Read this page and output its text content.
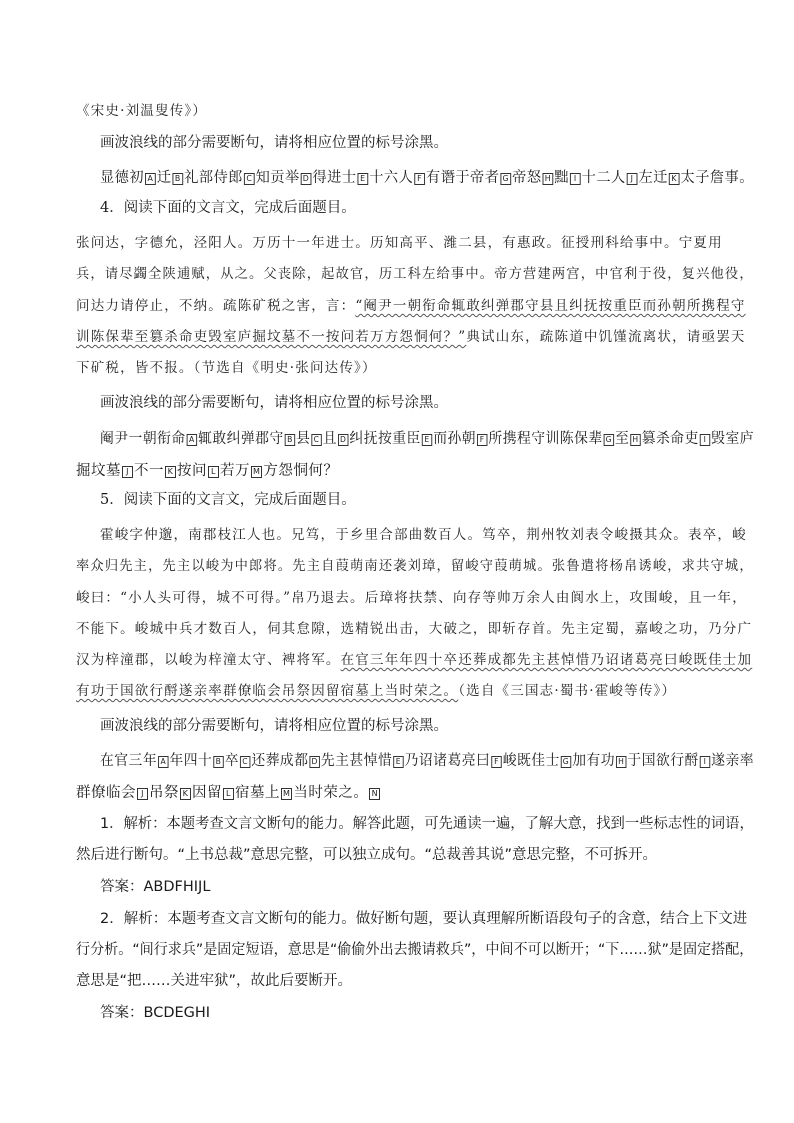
《宋史·刘温叟传》）
画波浪线的部分需要断句，请将相应位置的标号涂黑。
显德初 A 迁 B 礼部侍郎 C 知贡举 D 得进士 E 十六人 F 有谮于帝者 G 帝怒 H 黜 I 十二人 J 左迁 K 太子詹事。
4．阅读下面的文言文，完成后面题目。
张问达，字德允，泾阳人。万历十一年进士。历知高平、潍二县，有惠政。征授刑科给事中。宁夏用
兵，请尽蠲全陕逋赋，从之。父丧除，起故官，历工科左给事中。帝方营建两宫，中官利于役，复兴他役，
问达力请停止，不纳。疏陈矿税之害，言：“阉尹一朝衔命辄敢纠弹郡守县且纠抚按重臣而孙朝所携程守
训陈保辈至篡杀命吏毁室庐掘坟墓不一按问若万方怨恫何？”典试山东，疏陈道中饥馑流离状，请亟罢天
下矿税，皆不报。（节选自《明史·张问达传》）
画波浪线的部分需要断句，请将相应位置的标号涂黑。
阉尹一朝衔命 A 辄敢纠弹郡守 B 县 C 且 D 纠抚按重臣 E 而孙朝 F 所携程守训陈保辈 G 至 H 篡杀命吏 I 毁室庐
掘坟墓 J 不一 K 按问 L 若万 M 方怨恫何？
5．阅读下面的文言文，完成后面题目。
霍峻字仲邈，南郡枝江人也。兄笃，于乡里合部曲数百人。笃卒，荆州牧刘表令峻摄其众。表卒，峻
率众归先主，先主以峻为中郎将。先主自葭萌南还袭刘璋，留峻守葭萌城。张鲁遣将杨帛诱峻，求共守城，
峻曰：“小人头可得，城不可得。”帛乃退去。后璋将扶禁、向存等帅万余人由阆水上，攻围峻，且一年，
不能下。峻城中兵才数百人，伺其怠隙，选精锐出击，大破之，即斩存首。先主定蜀，嘉峻之功，乃分广
汉为梓潼郡，以峻为梓潼太守、裨将军。在官三年年四十卒还葬成都先主甚悼惜乃诏诸葛亮曰峻既佳士加
有功于国欲行酹遂亲率群僚临会吊祭因留宿墓上当时荣之。（选自《三国志·蜀书·霍峻等传》）
画波浪线的部分需要断句，请将相应位置的标号涂黑。
在官三年 A 年四十 B 卒 C 还葬成都 D 先主甚悼惜 E 乃诏诸葛亮曰 F 峻既佳士 G 加有功 H 于国欲行酹 I 遂亲率
群僚临会 J 吊祭 K 因留 L 宿墓上 M 当时荣之。 N
1．解析：本题考查文言文断句的能力。解答此题，可先通读一遍，了解大意，找到一些标志性的词语，
然后进行断句。“上书总裁”意思完整，可以独立成句。“总裁善其说”意思完整，不可拆开。
答案：ABDFHIJL
2．解析：本题考查文言文断句的能力。做好断句题，要认真理解所断语段句子的含意，结合上下文进
行分析。“间行求兵”是固定短语，意思是“偷偷外出去搬请救兵”，中间不可以断开；“下……狱”是固定搭配，
意思是“把……关进牢狱”，故此后要断开。
答案：BCDEGHI
